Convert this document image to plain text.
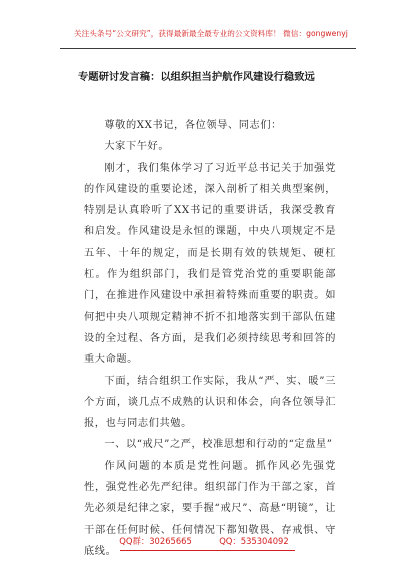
关注头条号“公文研究”，获得最新最全最专业的公文资料库！ 微信：gongwenyj
专题研讨发言稿：以组织担当护航作风建设行稳致远

尊敬的XX书记，各位领导、同志们：

大家下午好。

刚才，我们集体学习了习近平总书记关于加强党的作风建设的重要论述，深入剖析了相关典型案例，特别是认真聆听了XX书记的重要讲话，我深受教育和启发。作风建设是永恒的课题，中央八项规定不是五年、十年的规定，而是长期有效的铁规矩、硬杠杠。作为组织部门，我们是管党治党的重要职能部门，在推进作风建设中承担着特殊而重要的职责。如何把中央八项规定精神不折不扣地落实到干部队伍建设的全过程、各方面，是我们必须持续思考和回答的重大命题。

下面，结合组织工作实际，我从“严、实、暖”三个方面，谈几点不成熟的认识和体会，向各位领导汇报，也与同志们共勉。

一、以“戒尺”之严，校准思想和行动的“定盘星”

作风问题的本质是党性问题。抓作风必先强党性，强党性必先严纪律。组织部门作为干部之家，首先必须是纪律之家，要手握“戒尺”、高悬“明镜”，让干部在任何时候、任何情况下都知敬畏、存戒惧、守底线。

QQ群：30265665	QQ：535304092
